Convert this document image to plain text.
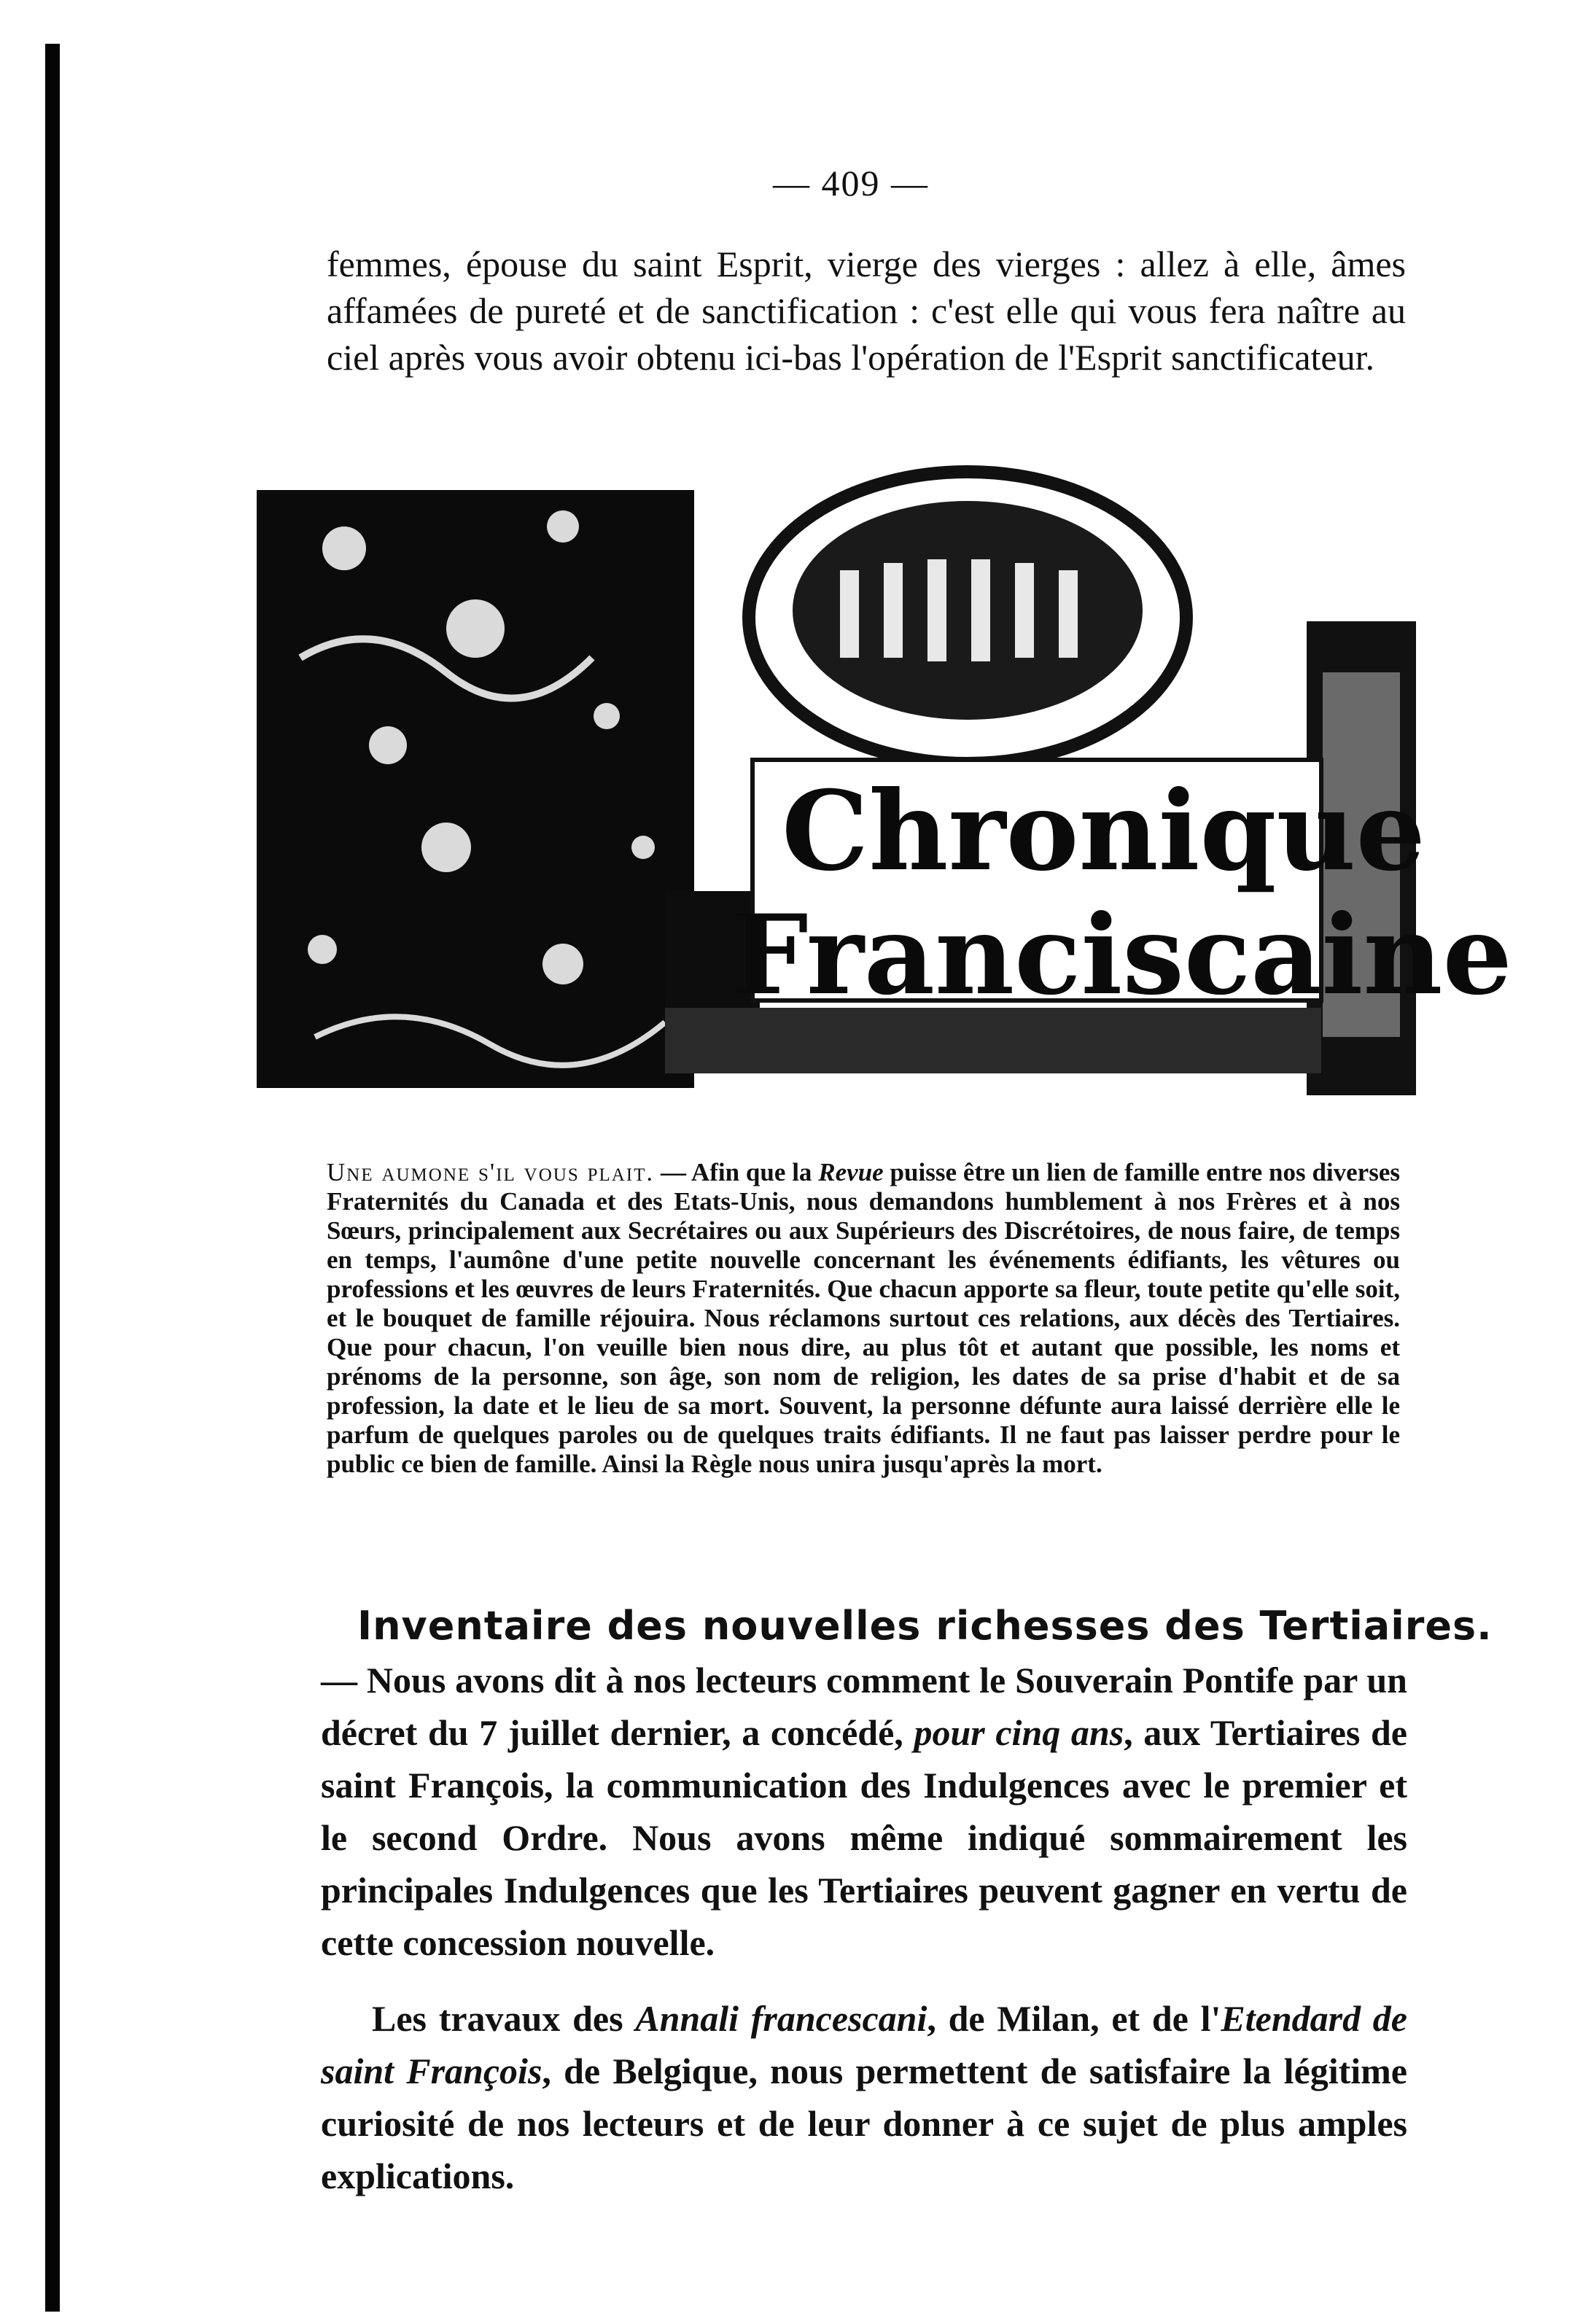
— 409 —

femmes, épouse du saint Esprit, vierge des vierges : allez à elle, âmes affamées de pureté et de sanctification : c'est elle qui vous fera naître au ciel après vous avoir obtenu ici-bas l'opération de l'Esprit sanctificateur.

Chronique
Franciscaine

Une aumone s'il vous plait. — Afin que la Revue puisse être un lien de famille entre nos diverses Fraternités du Canada et des Etats-Unis, nous demandons humblement à nos Frères et à nos Sœurs, principalement aux Secrétaires ou aux Supérieurs des Discrétoires, de nous faire, de temps en temps, l'aumône d'une petite nouvelle concernant les événements édifiants, les vêtures ou professions et les œuvres de leurs Fraternités. Que chacun apporte sa fleur, toute petite qu'elle soit, et le bouquet de famille réjouira. Nous réclamons surtout ces relations, aux décès des Tertiaires. Que pour chacun, l'on veuille bien nous dire, au plus tôt et autant que possible, les noms et prénoms de la personne, son âge, son nom de religion, les dates de sa prise d'habit et de sa profession, la date et le lieu de sa mort. Souvent, la personne défunte aura laissé derrière elle le parfum de quelques paroles ou de quelques traits édifiants. Il ne faut pas laisser perdre pour le public ce bien de famille. Ainsi la Règle nous unira jusqu'après la mort.

Inventaire des nouvelles richesses des Tertiaires.

— Nous avons dit à nos lecteurs comment le Souverain Pontife par un décret du 7 juillet dernier, a concédé, pour cinq ans, aux Tertiaires de saint François, la communication des Indulgences avec le premier et le second Ordre. Nous avons même indiqué sommairement les principales Indulgences que les Tertiaires peuvent gagner en vertu de cette concession nouvelle.

Les travaux des Annali francescani, de Milan, et de l'Etendard de saint François, de Belgique, nous permettent de satisfaire la légitime curiosité de nos lecteurs et de leur donner à ce sujet de plus amples explications.
